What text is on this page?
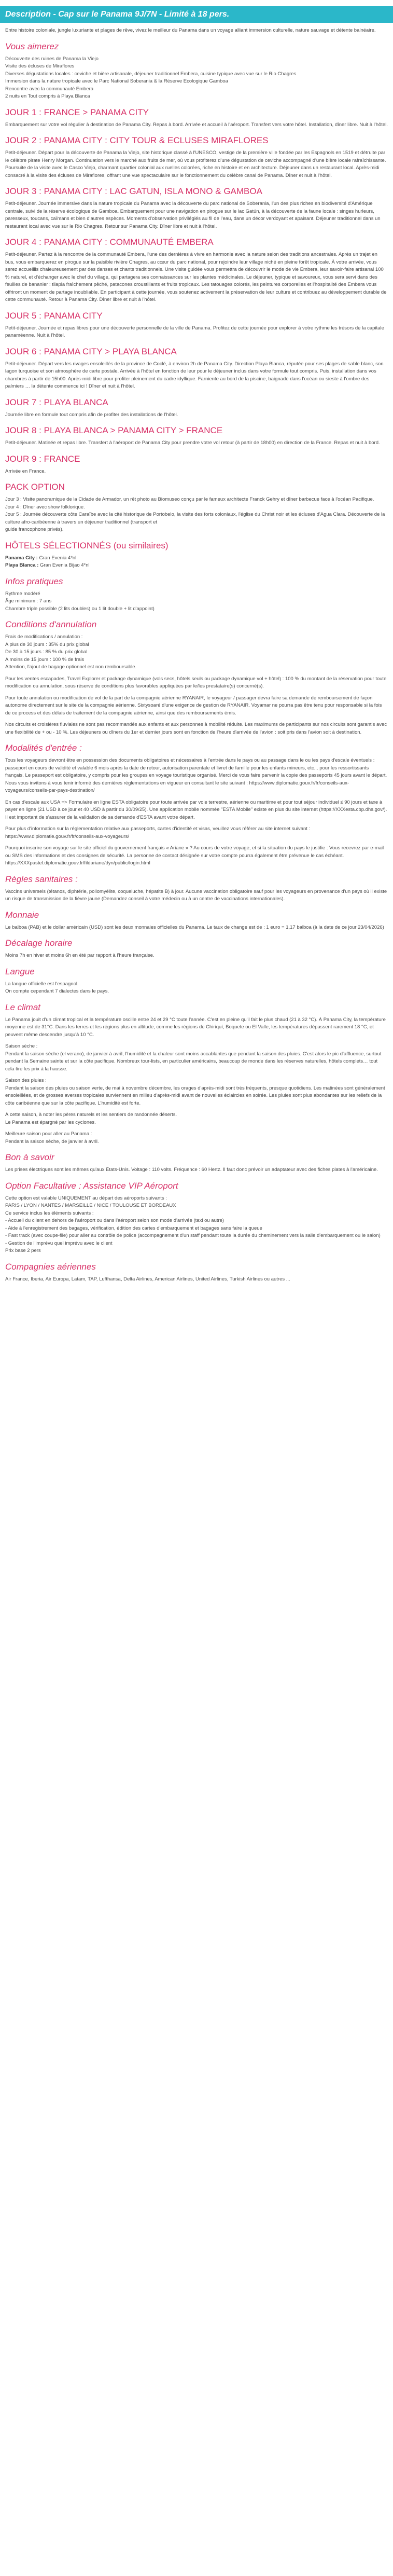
Description - Cap sur le Panama 9J/7N - Limité à 18 pers.

Entre histoire coloniale, jungle luxuriante et plages de rêve, vivez le meilleur du Panama dans un voyage alliant immersion culturelle, nature sauvage et détente balnéaire.

Vous aimerez
Découverte des ruines de Panama la Viejo
Visite des écluses de Miraflores
Diverses dégustations locales : ceviche et bière artisanale, déjeuner traditionnel Embera, cuisine typique avec vue sur le Rio Chagres
Immersion dans la nature tropicale avec le Parc National Soberania & la Réserve Ecologique Gamboa
Rencontre avec la communauté Embera
2 nuits en Tout compris à Playa Blanca
JOUR 1 : FRANCE > PANAMA CITY

Embarquement sur votre vol régulier à destination de Panama City. Repas à bord. Arrivée et accueil à l'aéroport. Transfert vers votre hôtel. Installation, dîner libre. Nuit à l'hôtel.

JOUR 2 : PANAMA CITY : CITY TOUR & ECLUSES MIRAFLORES

Petit-déjeuner. Départ pour la découverte de Panama la Viejo, site historique classé à l'UNESCO, vestige de la première ville fondée par les Espagnols en 1519 et détruite par le célèbre pirate Henry Morgan. Continuation vers le marché aux fruits de mer, où vous profiterez d'une dégustation de ceviche accompagné d'une bière locale rafraîchissante. Poursuite de la visite avec le Casco Viejo, charmant quartier colonial aux ruelles colorées, riche en histoire et en architecture. Déjeuner dans un restaurant local. Après-midi consacré à la visite des écluses de Miraflores, offrant une vue spectaculaire sur le fonctionnement du célèbre canal de Panama. Dîner et nuit à l'hôtel.

JOUR 3 : PANAMA CITY : LAC GATUN, ISLA MONO & GAMBOA

Petit-déjeuner. Journée immersive dans la nature tropicale du Panama avec la découverte du parc national de Soberania, l'un des plus riches en biodiversité d'Amérique centrale, suivi de la réserve écologique de Gamboa. Embarquement pour une navigation en pirogue sur le lac Gatún, à la découverte de la faune locale : singes hurleurs, paresseux, toucans, caïmans et bien d'autres espèces. Moments d'observation privilégiés au fil de l'eau, dans un décor verdoyant et apaisant. Déjeuner traditionnel dans un restaurant local avec vue sur le Rio Chagres. Retour sur Panama City. Dîner libre et nuit à l'hôtel.

JOUR 4 : PANAMA CITY : COMMUNAUTÉ EMBERA

Petit-déjeuner. Partez à la rencontre de la communauté Embera, l'une des dernières à vivre en harmonie avec la nature selon des traditions ancestrales. Après un trajet en bus, vous embarquerez en pirogue sur la paisible rivière Chagres, au cœur du parc national, pour rejoindre leur village niché en pleine forêt tropicale. À votre arrivée, vous serez accueillis chaleureusement par des danses et chants traditionnels. Une visite guidée vous permettra de découvrir le mode de vie Embera, leur savoir-faire artisanal 100 % naturel, et d'échanger avec le chef du village, qui partagera ses connaissances sur les plantes médicinales. Le déjeuner, typique et savoureux, vous sera servi dans des feuilles de bananier : tilapia fraîchement pêché, patacones croustillants et fruits tropicaux. Les tatouages colorés, les peintures corporelles et l'hospitalité des Embera vous offriront un moment de partage inoubliable. En participant à cette journée, vous soutenez activement la préservation de leur culture et contribuez au développement durable de cette communauté. Retour à Panama City. Dîner libre et nuit à l'hôtel.

JOUR 5 : PANAMA CITY

Petit-déjeuner. Journée et repas libres pour une découverte personnelle de la ville de Panama. Profitez de cette journée pour explorer à votre rythme les trésors de la capitale panaméenne. Nuit à l'hôtel.

JOUR 6 : PANAMA CITY > PLAYA BLANCA

Petit-déjeuner. Départ vers les rivages ensoleillés de la province de Coclé, à environ 2h de Panama City. Direction Playa Blanca, réputée pour ses plages de sable blanc, son lagon turquoise et son atmosphère de carte postale. Arrivée à l'hôtel en fonction de leur pour le déjeuner inclus dans votre formule tout compris. Puis, installation dans vos chambres à partir de 15h00. Après-midi libre pour profiter pleinement du cadre idyllique. Farniente au bord de la piscine, baignade dans l'océan ou sieste à l'ombre des palmiers … la détente commence ici ! Dîner et nuit à l'hôtel.

JOUR 7 : PLAYA BLANCA

Journée libre en formule tout compris afin de profiter des installations de l'hôtel.

JOUR 8 : PLAYA BLANCA > PANAMA CITY > FRANCE

Petit-déjeuner. Matinée et repas libre. Transfert à l'aéroport de Panama City pour prendre votre vol retour (à partir de 18h00) en direction de la France. Repas et nuit à bord.

JOUR 9 : FRANCE

Arrivée en France.

PACK OPTION
Jour 3 : Visite panoramique de la Cidade de Armador, un rêt photo au Biomuseo conçu par le fameux architecte Franck Gehry et dîner barbecue face à l'océan Pacifique.
Jour 4 : Dîner avec show folklorique.
Jour 5 : Journée découverte côte Caraïbe avec la cité historique de Portobelo, la visite des forts coloniaux, l'église du Christ noir et les écluses d'Agua Clara. Découverte de la culture afro-caribéenne à travers un déjeuner traditionnel (transport et
guide francophone privés).
HÔTELS SÉLECTIONNÉS (ou similaires)
Panama City : Gran Evenia 4*nl
Playa Blanca : Gran Evenia Bijao 4*nl
Infos pratiques
Rythme modéré
Âge minimum : 7 ans
Chambre triple possible (2 lits doubles) ou 1 lit double + lit d'appoint)
Conditions d'annulation
Frais de modifications / annulation :
A plus de 30 jours : 35% du prix global
De 30 à 15 jours : 85 % du prix global
A moins de 15 jours : 100 % de frais
Attention, l'ajout de bagage optionnel est non remboursable.

Pour les ventes escapades, Travel Explorer et package dynamique (vols secs, hôtels seuls ou package dynamique vol + hôtel) : 100 % du montant de la réservation pour toute modification ou annulation, sous réserve de conditions plus favorables appliquées par le/les prestataire(s) concerné(s).

Pour toute annulation ou modification de vol de la part de la compagnie aérienne RYANAIR, le voyageur / passager devra faire sa demande de remboursement de façon autonome directement sur le site de la compagnie aérienne. Sixtysoaré d'une exigence de gestion de RYANAIR. Voyamar ne pourra pas être tenu pour responsable si la fois de ce process et des délais de traitement de la compagnie aérienne, ainsi que des remboursements émis.

Nos circuits et croisières fluviales ne sont pas recommandés aux enfants et aux personnes à mobilité réduite. Les maximums de participants sur nos circuits sont garantis avec une flexibilité de + ou - 10 %. Les déjeuners ou dîners du 1er et dernier jours sont en fonction de l'heure d'arrivée de l'avion : soit pris dans l'avion soit à destination.

Modalités d'entrée :

Tous les voyageurs devront être en possession des documents obligatoires et nécessaires à l'entrée dans le pays ou au passage dans le ou les pays d'escale éventuels : passeport en cours de validité et valable 6 mois après la date de retour, autorisation parentale et livret de famille pour les enfants mineurs, etc... pour les ressortissants français. Le passeport est obligatoire, y compris pour les groupes en voyage touristique organisé. Merci de vous faire parvenir la copie des passeports 45 jours avant le départ. Nous vous invitons à vous tenir informé des dernières réglementations en vigueur en consultant le site suivant : https://www.diplomatie.gouv.fr/fr/conseils-aux-voyageurs/conseils-par-pays-destination/

En cas d'escale aux USA => Formulaire en ligne ESTA obligatoire pour toute arrivée par voie terrestre, aérienne ou maritime et pour tout séjour individuel ≤ 90 jours et taxe à payer en ligne (21 USD à ce jour et 40 USD à partir du 30/09/25). Une application mobile nommée "ESTA Mobile" existe en plus du site internet (https://XXXesta.cbp.dhs.gov/). Il est important de s'assurer de la validation de sa demande d'ESTA avant votre départ.

Pour plus d'information sur la réglementation relative aux passeports, cartes d'identité et visas, veuillez vous référer au site internet suivant : https://www.diplomatie.gouv.fr/fr/conseils-aux-voyageurs/

Pourquoi inscrire son voyage sur le site officiel du gouvernement français « Ariane » ? Au cours de votre voyage, et si la situation du pays le justifie : Vous recevrez par e-mail ou SMS des informations et des consignes de sécurité. La personne de contact désignée sur votre compte pourra également être prévenue le cas échéant. https://XXXpastel.diplomatie.gouv.fr/fildariane/dyn/public/login.html

Règles sanitaires :

Vaccins universels (tétanos, diphtérie, poliomyélite, coqueluche, hépatite B) à jour. Aucune vaccination obligatoire sauf pour les voyageurs en provenance d'un pays où il existe un risque de transmission de la fièvre jaune (Demandez conseil à votre médecin ou à un centre de vaccinations internationales).

Monnaie

Le balboa (PAB) et le dollar américain (USD) sont les deux monnaies officielles du Panama. Le taux de change est de : 1 euro = 1,17 balboa (à la date de ce jour 23/04/2026)

Décalage horaire

Moins 7h en hiver et moins 6h en été par rapport à l'heure française.

Langue
La langue officielle est l'espagnol.
On compte cependant 7 dialectes dans le pays.
Le climat

Le Panama jouit d'un climat tropical et la température oscille entre 24 et 29 °C toute l'année. C'est en pleine qu'il fait le plus chaud (21 à 32 °C). À Panama City, la température moyenne est de 31°C. Dans les terres et les régions plus en altitude, comme les régions de Chiriquí, Boquete ou El Valle, les températures dépassent rarement 18 °C, et peuvent même descendre jusqu'à 10 °C.

Saison sèche :

Pendant la saison sèche (el verano), de janvier à avril, l'humidité et la chaleur sont moins accablantes que pendant la saison des pluies. C'est alors le pic d'affluence, surtout pendant la Semaine sainte et sur la côte pacifique. Nombreux tour-lists, en particulier américains, beaucoup de monde dans les réserves naturelles, hôtels complets… tout cela tire les prix à la hausse.

Saison des pluies :

Pendant la saison des pluies ou saison verte, de mai à novembre décembre, les orages d'après-midi sont très fréquents, presque quotidiens. Les matinées sont généralement ensoleillées, et de grosses averses tropicales surviennent en milieu d'après-midi avant de nouvelles éclaircies en soirée. Les pluies sont plus abondantes sur les reliefs de la côte caribéenne que sur la côte pacifique. L'humidité est forte.

À cette saison, à noter les pères naturels et les sentiers de randonnée déserts.

Le Panama est épargné par les cyclones.

Meilleure saison pour aller au Panama :

Pendant la saison sèche, de janvier à avril.

Bon à savoir

Les prises électriques sont les mêmes qu'aux États-Unis. Voltage : 110 volts. Fréquence : 60 Hertz. Il faut donc prévoir un adaptateur avec des fiches plates à l'américaine.

Option Facultative : Assistance VIP Aéroport
Cette option est valable UNIQUEMENT au départ des aéroports suivants :
PARIS / LYON / NANTES / MARSEILLE / NICE / TOULOUSE ET BORDEAUX
Ce service inclus les éléments suivants :
- Accueil du client en dehors de l'aéroport ou dans l'aéroport selon son mode d'arrivée (taxi ou autre)
- Aide à l'enregistrement des bagages, vérification, édition des cartes d'embarquement et bagages sans faire la queue
- Fast track (avec coupe-file) pour aller au contrôle de police (accompagnement d'un staff pendant toute la durée du cheminement vers la salle d'embarquement ou le salon)
- Gestion de l'imprévu quel imprévu avec le client
Prix base 2 pers
Compagnies aériennes

Air France, Iberia, Air Europa, Latam, TAP, Lufthansa, Delta Airlines, American Airlines, United Airlines, Turkish Airlines ou autres ...
